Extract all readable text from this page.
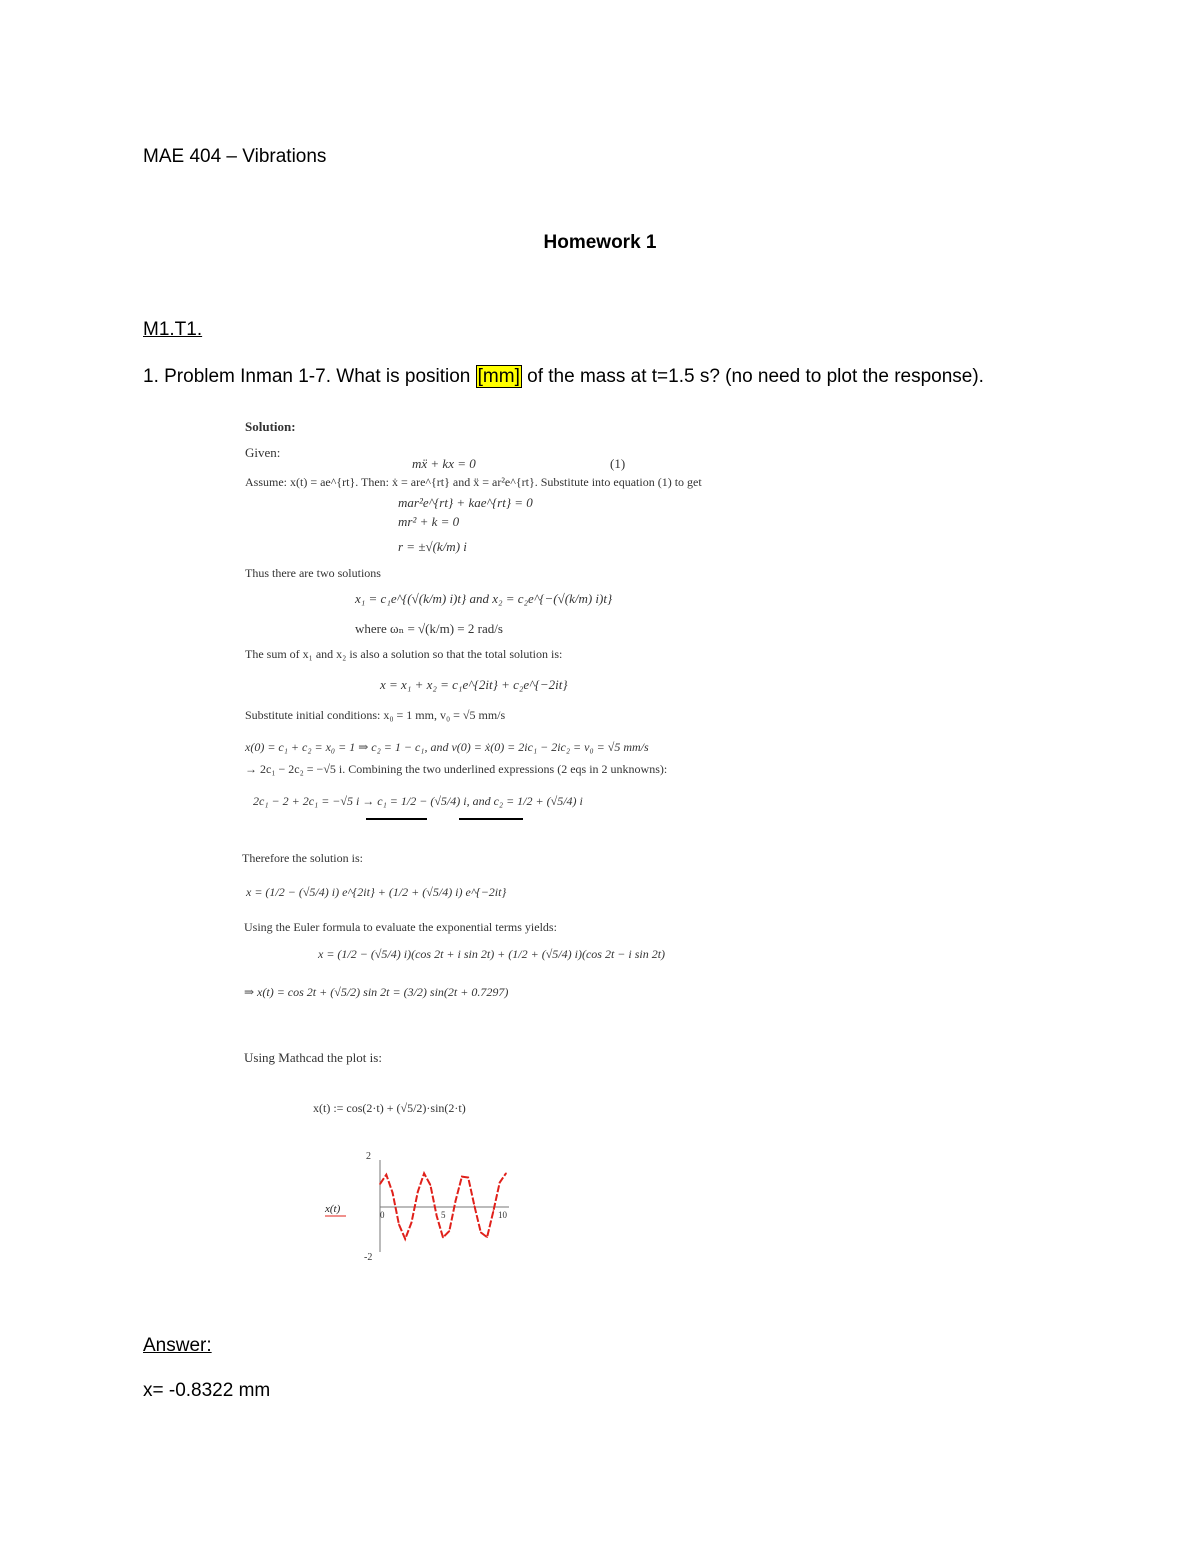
MAE 404 – Vibrations
Homework 1
M1.T1.
1. Problem Inman 1-7. What is position [mm] of the mass at t=1.5 s? (no need to plot the response).
Solution:
Given:
mẍ + kx = 0	(1)
Assume: x(t) = ae^{rt}. Then: ẋ = are^{rt} and ẍ = ar²e^{rt}. Substitute into equation (1) to get
mar²e^{rt} + kae^{rt} = 0
mr² + k = 0
r = ±√(k/m) i
Thus there are two solutions
x₁ = c₁e^{(√(k/m) i)t} and x₂ = c₂e^{−(√(k/m) i)t}
where ωₙ = √(k/m) = 2 rad/s
The sum of x₁ and x₂ is also a solution so that the total solution is:
x = x₁ + x₂ = c₁e^{2it} + c₂e^{−2it}
Substitute initial conditions: x₀ = 1 mm, v₀ = √5 mm/s
x(0) = c₁ + c₂ = x₀ = 1 ⇒ c₂ = 1 − c₁, and v(0) = ẋ(0) = 2ic₁ − 2ic₂ = v₀ = √5 mm/s
→ 2c₁ − 2c₂ = −√5 i. Combining the two underlined expressions (2 eqs in 2 unknowns):
2c₁ − 2 + 2c₁ = −√5 i → c₁ = 1/2 − (√5/4) i, and c₂ = 1/2 + (√5/4) i
Therefore the solution is:
x = (1/2 − (√5/4) i) e^{2it} + (1/2 + (√5/4) i) e^{−2it}
Using the Euler formula to evaluate the exponential terms yields:
x = (1/2 − (√5/4) i)(cos 2t + i sin 2t) + (1/2 + (√5/4) i)(cos 2t − i sin 2t)
⇒ x(t) = cos 2t + (√5/2) sin 2t = (3/2) sin(2t + 0.7297)
Using Mathcad the plot is:
x(t) := cos(2·t) + (√5/2)·sin(2·t)
2
-2
0	5	10
x(t)
Answer:
x= -0.8322 mm
